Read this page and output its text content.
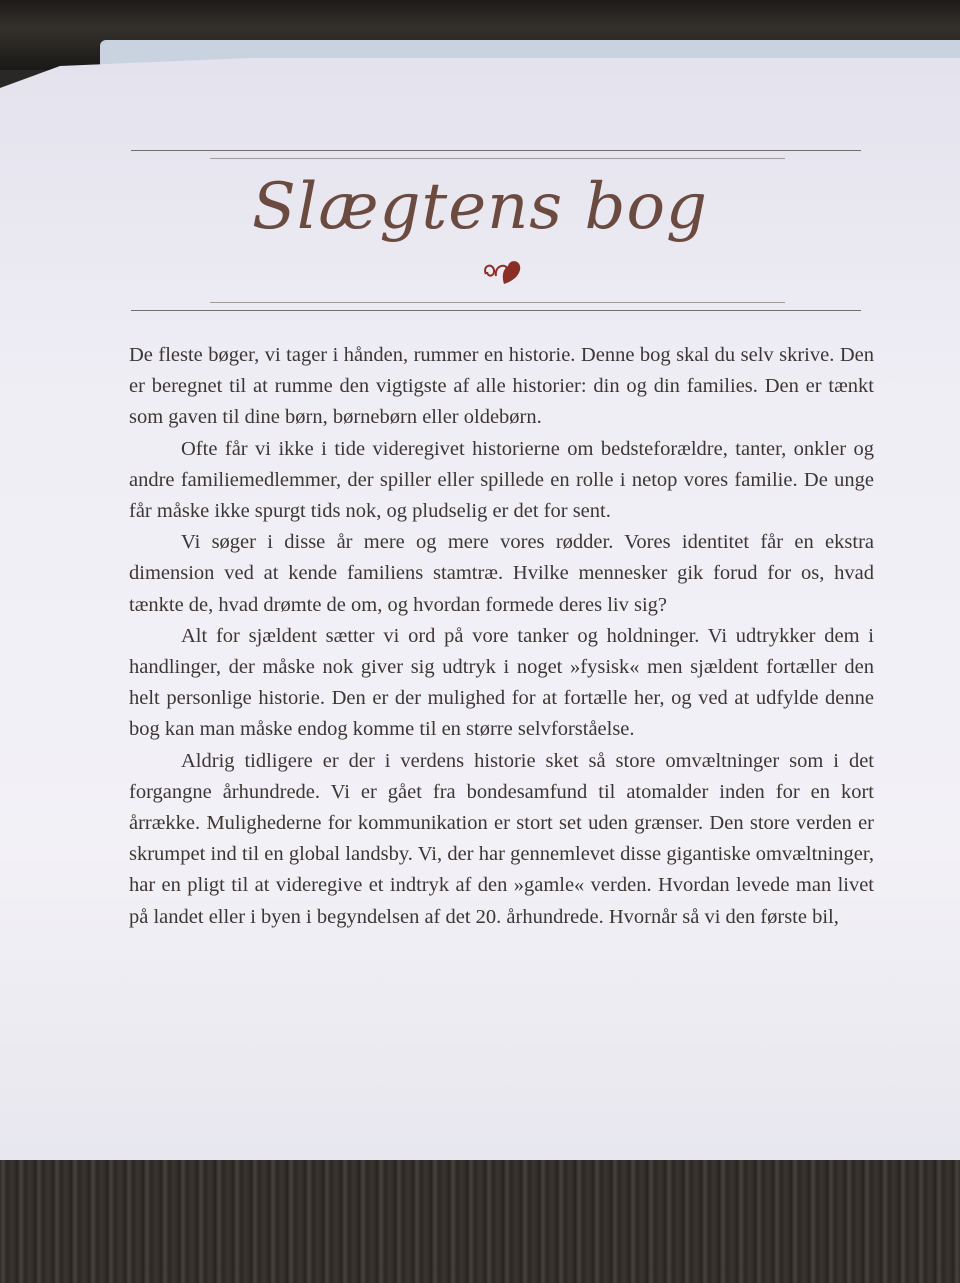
Slægtens bog

De fleste bøger, vi tager i hånden, rummer en historie. Denne bog skal du selv skrive. Den er beregnet til at rumme den vigtigste af alle historier: din og din families. Den er tænkt som gaven til dine børn, børnebørn eller oldebørn.

Ofte får vi ikke i tide videregivet historierne om bedsteforældre, tanter, onkler og andre familiemedlemmer, der spiller eller spillede en rolle i netop vores familie. De unge får måske ikke spurgt tids nok, og pludselig er det for sent.

Vi søger i disse år mere og mere vores rødder. Vores identitet får en ekstra dimension ved at kende familiens stamtræ. Hvilke mennesker gik forud for os, hvad tænkte de, hvad drømte de om, og hvordan formede deres liv sig?

Alt for sjældent sætter vi ord på vore tanker og holdninger. Vi udtrykker dem i handlinger, der måske nok giver sig udtryk i noget »fysisk« men sjældent fortæller den helt personlige historie. Den er der mulighed for at fortælle her, og ved at udfylde denne bog kan man måske endog komme til en større selvforståelse.

Aldrig tidligere er der i verdens historie sket så store omvæltninger som i det forgangne århundrede. Vi er gået fra bondesamfund til atomalder inden for en kort årrække. Mulighederne for kommunikation er stort set uden grænser. Den store verden er skrumpet ind til en global landsby. Vi, der har gennemlevet disse gigantiske omvæltninger, har en pligt til at videregive et indtryk af den »gamle« verden. Hvordan levede man livet på landet eller i byen i begyndelsen af det 20. århundrede. Hvornår så vi den første bil,
